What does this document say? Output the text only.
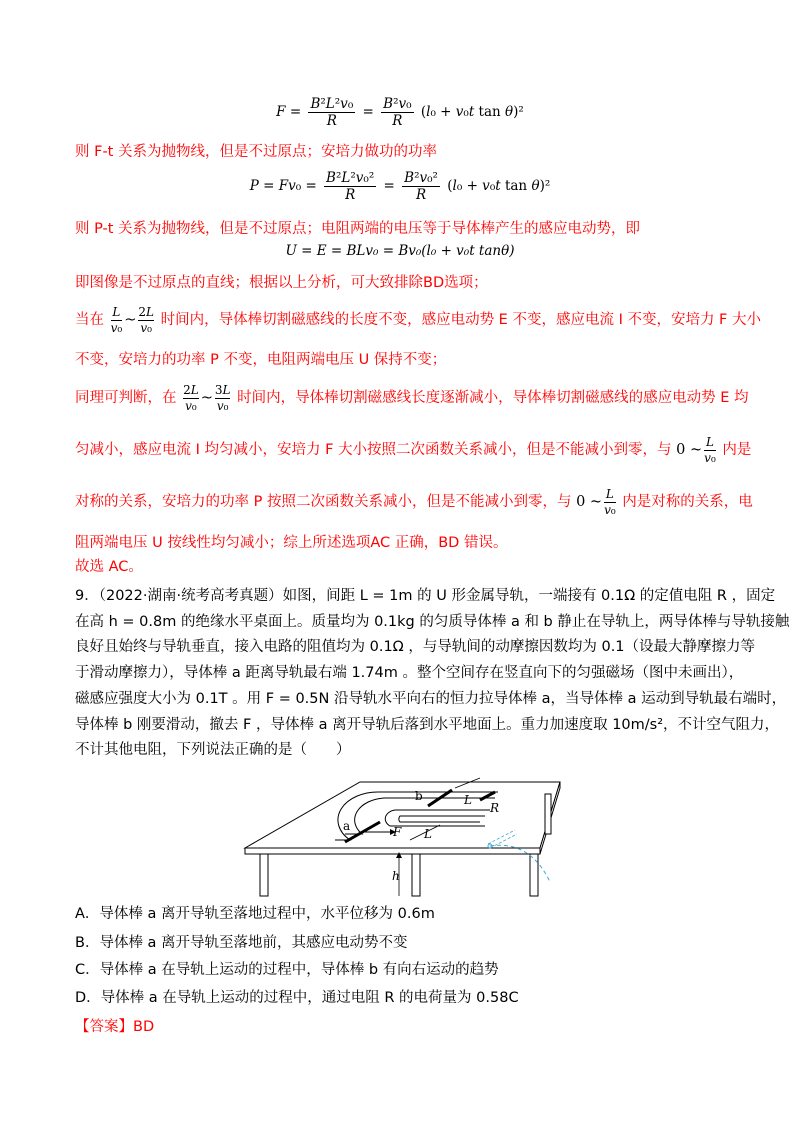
$F = \frac{\text{B²L²v₀}}{R} = \frac{\text{B²v₀}}{R} (l_0 + v_0t$ tan θ)²
则 F-t 关系为抛物线，但是不过原点；安培力做功的功率
$P = Fv_0 = \frac{\text{B²L²v₀²}}{R} = \frac{\text{B²v₀²}}{R} (l_0 + v_0t$ tan θ)²
则 P-t 关系为抛物线，但是不过原点；电阻两端的电压等于导体棒产生的感应电动势，即
U = E = BLv₀ = Bv₀(l₀ + v₀t tanθ)
即图像是不过原点的直线；根据以上分析，可大致排除BD选项；
当在 $\frac{L}{\text{v₀}}$ ~ $\frac{2L}{\text{v₀}}$ 时间内，导体棒切割磁感线的长度不变，感应电动势 E 不变，感应电流 I 不变，安培力 F 大小
不变，安培力的功率 P 不变，电阻两端电压 U 保持不变；
同理可判断，在 $\frac{2L}{\text{v₀}}$ ~ $\frac{3L}{\text{v₀}}$ 时间内，导体棒切割磁感线长度逐渐减小，导体棒切割磁感线的感应电动势 E 均
匀减小，感应电流 I 均匀减小，安培力 F 大小按照二次函数关系减小，但是不能减小到零，与 0 ~ $\frac{L}{\text{v₀}}$ 内是
对称的关系，安培力的功率 P 按照二次函数关系减小，但是不能减小到零，与 0 ~ $\frac{L}{\text{v₀}}$ 内是对称的关系，电
阻两端电压 U 按线性均匀减小；综上所述选项AC 正确，BD 错误。
故选 AC。
9．（2022·湖南·统考高考真题）如图，间距 L = 1m 的 U 形金属导轨，一端接有 0.1Ω 的定值电阻 R ，固定
在高 h = 0.8m 的绝缘水平桌面上。质量均为 0.1kg 的匀质导体棒 a 和 b 静止在导轨上，两导体棒与导轨接触
良好且始终与导轨垂直，接入电路的阻值均为 0.1Ω ，与导轨间的动摩擦因数均为 0.1（设最大静摩擦力等
于滑动摩擦力），导体棒 a 距离导轨最右端 1.74m 。整个空间存在竖直向下的匀强磁场（图中未画出），
磁感应强度大小为 0.1T 。用 F = 0.5N 沿导轨水平向右的恒力拉导体棒 a，当导体棒 a 运动到导轨最右端时，
导体棒 b 刚要滑动，撤去 F ，导体棒 a 离开导轨后落到水平地面上。重力加速度取 10m/s²，不计空气阻力，
不计其他电阻，下列说法正确的是（　　）
b
a	F
L
L
R
h
A．导体棒 a 离开导轨至落地过程中，水平位移为 0.6m
B．导体棒 a 离开导轨至落地前，其感应电动势不变
C．导体棒 a 在导轨上运动的过程中，导体棒 b 有向右运动的趋势
D．导体棒 a 在导轨上运动的过程中，通过电阻 R 的电荷量为 0.58C
【答案】BD
